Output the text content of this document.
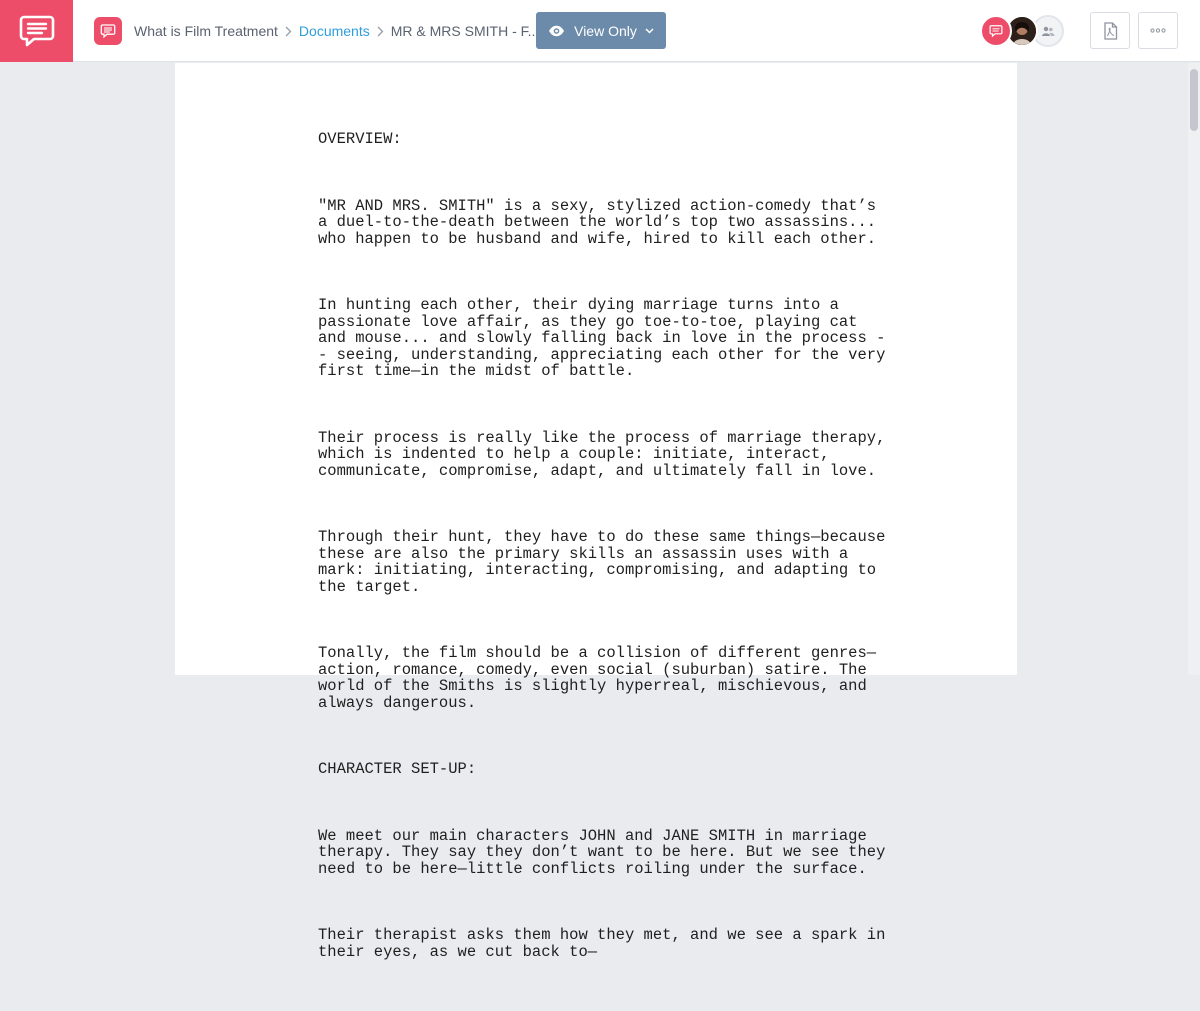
What is Film Treatment Documents MR & MRS SMITH - F..	View Only

OVERVIEW:

"MR AND MRS. SMITH" is a sexy, stylized action-comedy that’s
a duel-to-the-death between the world’s top two assassins...
who happen to be husband and wife, hired to kill each other.

In hunting each other, their dying marriage turns into a
passionate love affair, as they go toe-to-toe, playing cat
and mouse... and slowly falling back in love in the process -
- seeing, understanding, appreciating each other for the very
first time—in the midst of battle.

Their process is really like the process of marriage therapy,
which is indented to help a couple: initiate, interact,
communicate, compromise, adapt, and ultimately fall in love.

Through their hunt, they have to do these same things—because
these are also the primary skills an assassin uses with a
mark: initiating, interacting, compromising, and adapting to
the target.

Tonally, the film should be a collision of different genres—
action, romance, comedy, even social (suburban) satire. The
world of the Smiths is slightly hyperreal, mischievous, and
always dangerous.

CHARACTER SET-UP:

We meet our main characters JOHN and JANE SMITH in marriage
therapy. They say they don’t want to be here. But we see they
need to be here—little conflicts roiling under the surface.

Their therapist asks them how they met, and we see a spark in
their eyes, as we cut back to—
